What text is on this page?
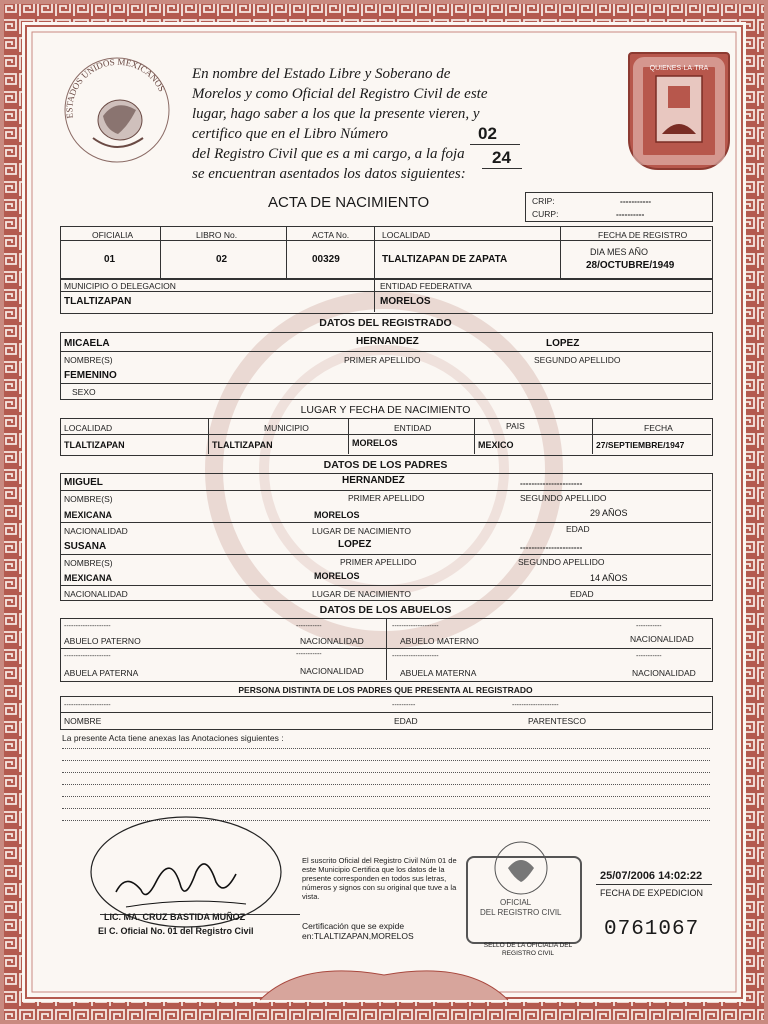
ESTADOS UNIDOS MEXICANOS
QUIENES·LA·TRA
En nombre del Estado Libre y Soberano de
Morelos y como Oficial del Registro Civil de este
lugar, hago saber a los que la presente vieren, y
certifico que en el Libro Número
del Registro Civil que es a mi cargo, a la foja
se encuentran asentados los datos siguientes:
02
24
ACTA DE NACIMIENTO	CRIP:	-----------
CURP:	----------
OFICIALIA	LIBRO No.	ACTA No.	LOCALIDAD	FECHA DE REGISTRO
01	02	00329	TLALTIZAPAN DE ZAPATA
DIA MES AÑO
28/OCTUBRE/1949
MUNICIPIO O DELEGACION	ENTIDAD FEDERATIVA
TLALTIZAPAN	MORELOS
DATOS DEL REGISTRADO
MICAELA	HERNANDEZ	LOPEZ
NOMBRE(S)	PRIMER APELLIDO	SEGUNDO APELLIDO
FEMENINO
SEXO
LUGAR Y FECHA DE NACIMIENTO
LOCALIDAD	MUNICIPIO	ENTIDAD	PAIS	FECHA
TLALTIZAPAN	TLALTIZAPAN	MORELOS	MEXICO	27/SEPTIEMBRE/1947
DATOS DE LOS PADRES
MIGUEL	HERNANDEZ	----------------------
NOMBRE(S)	PRIMER APELLIDO	SEGUNDO APELLIDO
MEXICANA	MORELOS	29 AÑOS
NACIONALIDAD	LUGAR DE NACIMIENTO	EDAD
SUSANA	LOPEZ	----------------------
NOMBRE(S)	PRIMER APELLIDO	SEGUNDO APELLIDO
MEXICANA	MORELOS	14 AÑOS
NACIONALIDAD	LUGAR DE NACIMIENTO	EDAD
DATOS DE LOS ABUELOS
--------------------	-----------	--------------------	-----------
ABUELO PATERNO	NACIONALIDAD	ABUELO MATERNO	NACIONALIDAD
--------------------	-----------	--------------------	-----------
ABUELA PATERNA	NACIONALIDAD	ABUELA MATERNA	NACIONALIDAD
PERSONA DISTINTA DE LOS PADRES QUE PRESENTA AL REGISTRADO
--------------------	----------	--------------------
NOMBRE	EDAD	PARENTESCO
La presente Acta tiene anexas las Anotaciones siguientes :
LIC. MA. CRUZ BASTIDA MUÑOZ
El C. Oficial No. 01 del Registro Civil
El suscrito Oficial del Registro Civil Núm 01 de este Municipio Certifica que los datos de la presente corresponden en todos sus letras, números y signos con su original que tuve a la vista.
Certificación que se expide en:TLALTIZAPAN,MORELOS
OFICIAL
DEL REGISTRO CIVIL
SELLO DE LA OFICIALIA DEL REGISTRO CIVIL
25/07/2006 14:02:22
FECHA DE EXPEDICION
0761067
